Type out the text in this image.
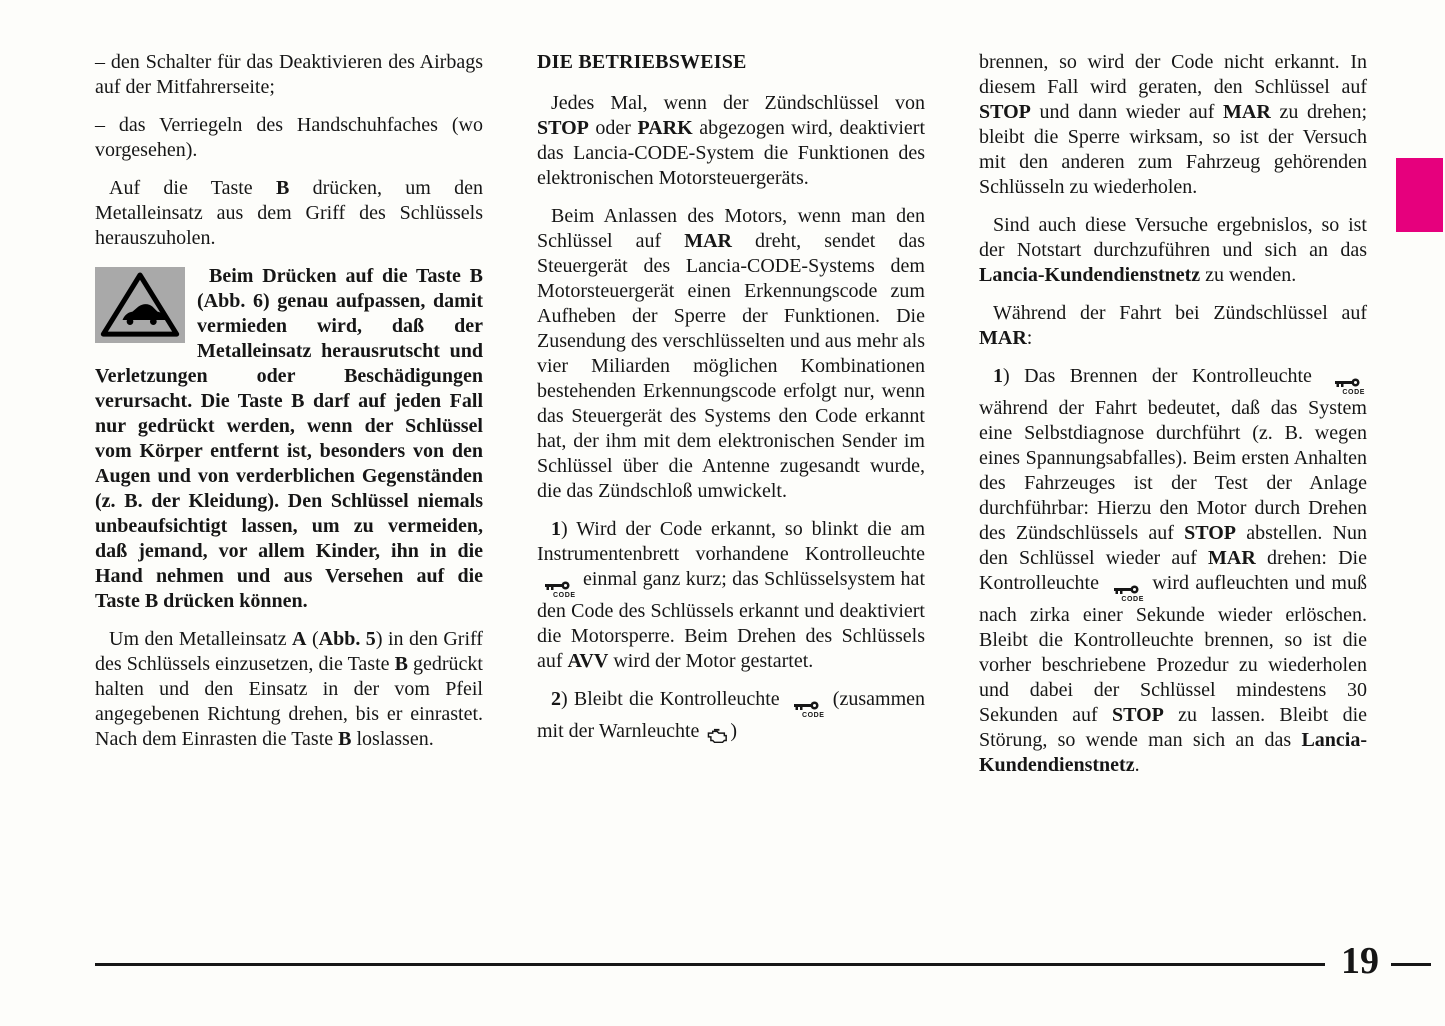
– den Schalter für das Deaktivieren des Airbags auf der Mitfahrerseite;

– das Verriegeln des Handschuhfaches (wo vorgesehen).

Auf die Taste B drücken, um den Metalleinsatz aus dem Griff des Schlüssels herauszuholen.

Beim Drücken auf die Taste B (Abb. 6) genau aufpassen, damit vermieden wird, daß der Metalleinsatz herausrutscht und Verletzungen oder Beschädigungen verursacht. Die Taste B darf auf jeden Fall nur gedrückt werden, wenn der Schlüssel vom Körper entfernt ist, besonders von den Augen und von verderblichen Gegenständen (z. B. der Kleidung). Den Schlüssel niemals unbeaufsichtigt lassen, um zu vermeiden, daß jemand, vor allem Kinder, ihn in die Hand nehmen und aus Versehen auf die Taste B drücken können.

Um den Metalleinsatz A (Abb. 5) in den Griff des Schlüssels einzusetzen, die Taste B gedrückt halten und den Einsatz in der vom Pfeil angegebenen Richtung drehen, bis er einrastet. Nach dem Einrasten die Taste B loslassen.

DIE BETRIEBSWEISE

Jedes Mal, wenn der Zündschlüssel von STOP oder PARK abgezogen wird, deaktiviert das Lancia-CODE-System die Funktionen des elektronischen Motorsteuergeräts.

Beim Anlassen des Motors, wenn man den Schlüssel auf MAR dreht, sendet das Steuergerät des Lancia-CODE-Systems dem Motorsteuergerät einen Erkennungscode zum Aufheben der Sperre der Funktionen. Die Zusendung des verschlüsselten und aus mehr als vier Miliarden möglichen Kombinationen bestehenden Erkennungscode erfolgt nur, wenn das Steuergerät des Systems den Code erkannt hat, der ihm mit dem elektronischen Sender im Schlüssel über die Antenne zugesandt wurde, die das Zündschloß umwickelt.

1) Wird der Code erkannt, so blinkt die am Instrumentenbrett vorhandene Kontrolleuchte
CODE
einmal ganz kurz; das Schlüsselsystem hat den Code des Schlüssels erkannt und deaktiviert die Motorsperre. Beim Drehen des Schlüssels auf AVV wird der Motor gestartet.

2) Bleibt die Kontrolleuchte
CODE
(zusammen mit der Warnleuchte
)

brennen, so wird der Code nicht erkannt. In diesem Fall wird geraten, den Schlüssel auf STOP und dann wieder auf MAR zu drehen; bleibt die Sperre wirksam, so ist der Versuch mit den anderen zum Fahrzeug gehörenden Schlüsseln zu wiederholen.

Sind auch diese Versuche ergebnislos, so ist der Notstart durchzuführen und sich an das Lancia-Kundendienstnetz zu wenden.

Während der Fahrt bei Zündschlüssel auf MAR:

1) Das Brennen der Kontrolleuchte
CODE
während der Fahrt bedeutet, daß das System eine Selbstdiagnose durchführt (z. B. wegen eines Spannungsabfalles). Beim ersten Anhalten des Fahrzeuges ist der Test der Anlage durchführbar: Hierzu den Motor durch Drehen des Zündschlüssels auf STOP abstellen. Nun den Schlüssel wieder auf MAR drehen: Die Kontrolleuchte
CODE
wird aufleuchten und muß nach zirka einer Sekunde wieder erlöschen. Bleibt die Kontrolleuchte brennen, so ist die vorher beschriebene Prozedur zu wiederholen und dabei der Schlüssel mindestens 30 Sekunden auf STOP zu lassen. Bleibt die Störung, so wende man sich an das Lancia-Kundendienstnetz.

19
